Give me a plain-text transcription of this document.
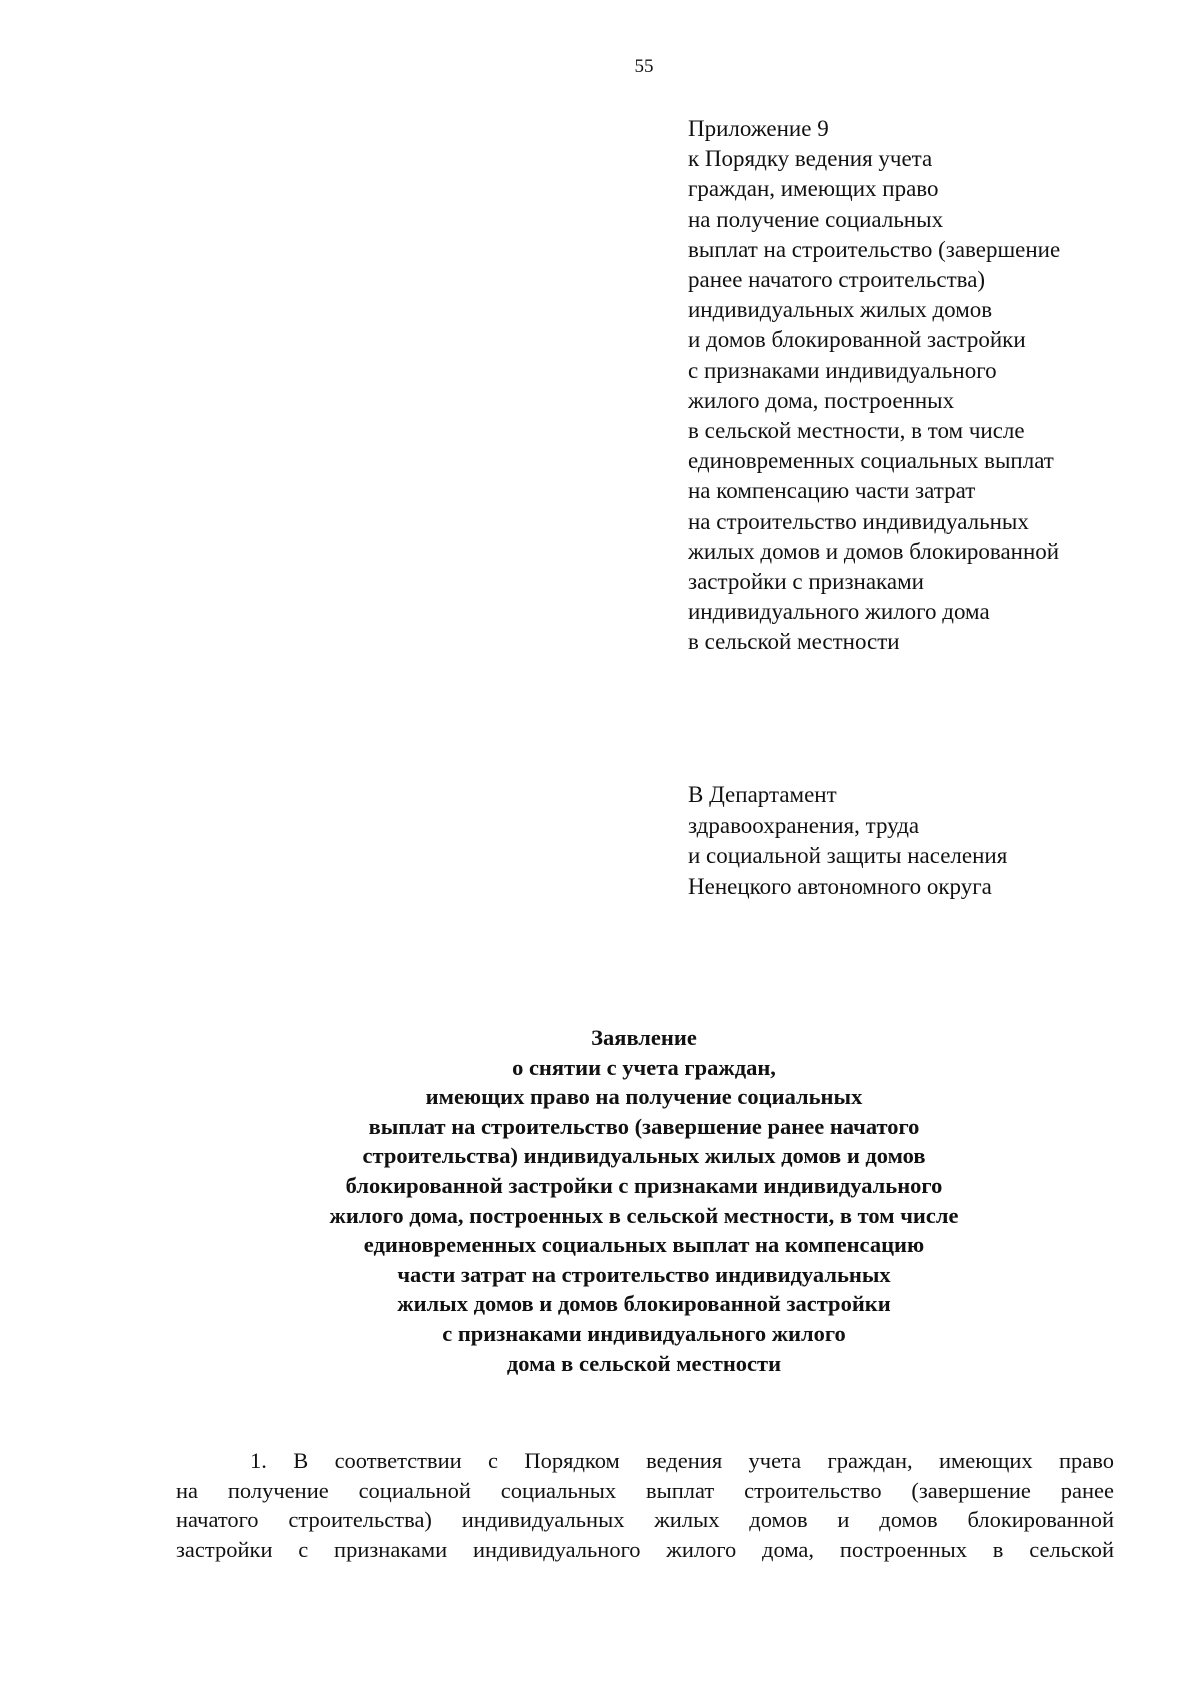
55
Приложение 9
к Порядку ведения учета
граждан, имеющих право
на получение социальных
выплат на строительство (завершение
ранее начатого строительства)
индивидуальных жилых домов
и домов блокированной застройки
с признаками индивидуального
жилого дома, построенных
в сельской местности, в том числе
единовременных социальных выплат
на компенсацию части затрат
на строительство индивидуальных
жилых домов и домов блокированной
застройки с признаками
индивидуального жилого дома
в сельской местности
В Департамент
здравоохранения, труда
и социальной защиты населения
Ненецкого автономного округа
Заявление
о снятии с учета граждан,
имеющих право на получение социальных
выплат на строительство (завершение ранее начатого
строительства) индивидуальных жилых домов и домов
блокированной застройки с признаками индивидуального
жилого дома, построенных в сельской местности, в том числе
единовременных социальных выплат на компенсацию
части затрат на строительство индивидуальных
жилых домов и домов блокированной застройки
с признаками индивидуального жилого
дома в сельской местности
1. В соответствии с Порядком ведения учета граждан, имеющих право
на получение социальной социальных выплат строительство (завершение ранее
начатого строительства) индивидуальных жилых домов и домов блокированной
застройки с признаками индивидуального жилого дома, построенных в сельской
